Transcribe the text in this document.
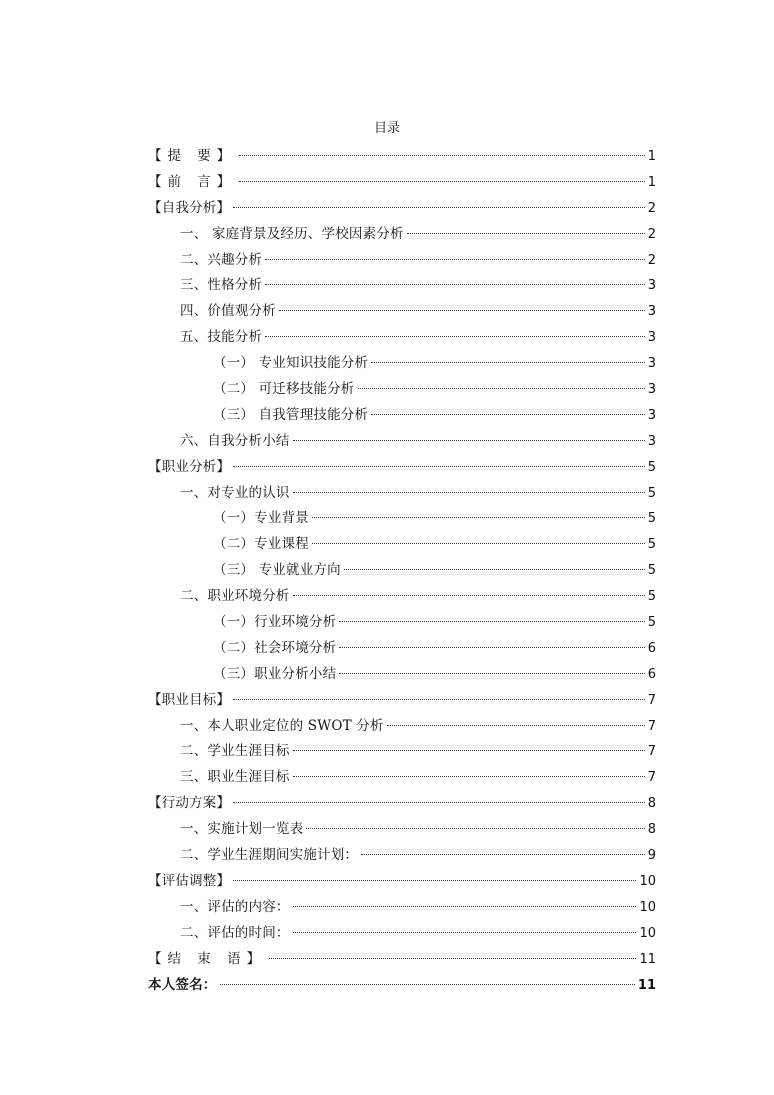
目录
【提 要】	1
【前 言】	1
【自我分析】	2
一、 家庭背景及经历、学校因素分析	2
二、兴趣分析	2
三、性格分析	3
四、价值观分析	3
五、技能分析	3
（一） 专业知识技能分析	3
（二） 可迁移技能分析	3
（三） 自我管理技能分析	3
六、自我分析小结	3
【职业分析】	5
一、对专业的认识	5
（一）专业背景	5
（二）专业课程	5
（三） 专业就业方向	5
二、职业环境分析	5
（一）行业环境分析	5
（二）社会环境分析	6
（三）职业分析小结	6
【职业目标】	7
一、本人职业定位的 SWOT 分析	7
二、学业生涯目标	7
三、职业生涯目标	7
【行动方案】	8
一、实施计划一览表	8
二、学业生涯期间实施计划：	9
【评估调整】	10
一、评估的内容：	10
二、评估的时间：	10
【结 束 语】	11
本人签名：	11
